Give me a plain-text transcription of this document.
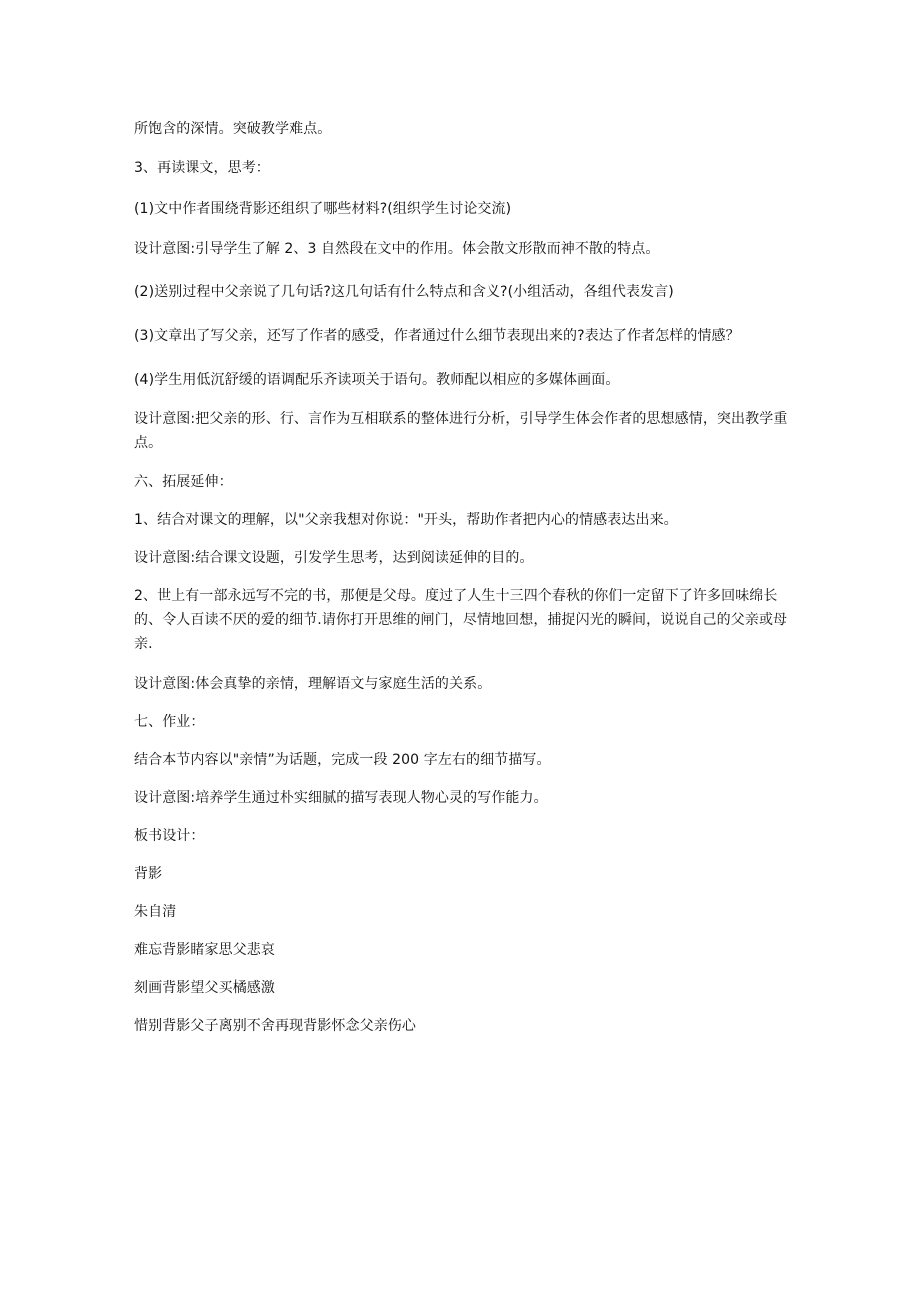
所饱含的深情。突破教学难点。
3、再读课文，思考：
(1)文中作者围绕背影还组织了哪些材料?(组织学生讨论交流)
设计意图:引导学生了解 2、3 自然段在文中的作用。体会散文形散而神不散的特点。
(2)送别过程中父亲说了几句话?这几句话有什么特点和含义?(小组活动，各组代表发言)
(3)文章出了写父亲，还写了作者的感受，作者通过什么细节表现出来的?表达了作者怎样的情感？
(4)学生用低沉舒缓的语调配乐齐读项关于语句。教师配以相应的多媒体画面。
设计意图:把父亲的形、行、言作为互相联系的整体进行分析，引导学生体会作者的思想感情，突出教学重点。
六、拓展延伸：
1、结合对课文的理解，以"父亲我想对你说："开头，帮助作者把内心的情感表达出来。
设计意图:结合课文设题，引发学生思考，达到阅读延伸的目的。
2、世上有一部永远写不完的书，那便是父母。度过了人生十三四个春秋的你们一定留下了许多回味绵长的、令人百读不厌的爱的细节.请你打开思维的闸门，尽情地回想，捕捉闪光的瞬间，说说自己的父亲或母亲.
设计意图:体会真挚的亲情，理解语文与家庭生活的关系。
七、作业：
结合本节内容以"亲情”为话题，完成一段 200 字左右的细节描写。
设计意图:培养学生通过朴实细腻的描写表现人物心灵的写作能力。
板书设计：
背影
朱自清
难忘背影睹家思父悲哀
刻画背影望父买橘感激
惜别背影父子离别不舍再现背影怀念父亲伤心
